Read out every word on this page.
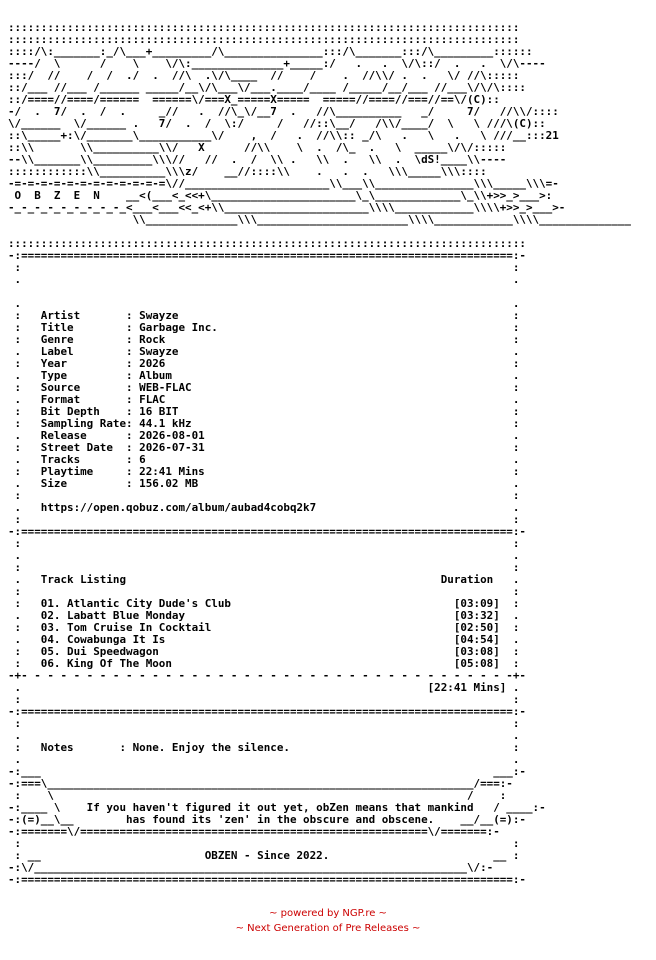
::::::::::::::::::::::::::::::::::::::::::::::::::::::::::::::::::::::::::::::
::::::::::::::::::::::::::::::::::::::::::::::::::::::::::::::::::::::::::::::
::::/\:_______:_/\___+_________/\_______________:::/\_______:::/\_________::::::
----/  \      /    \    \/\:______________+_____:/   .   .  \/\::/  .   .  \/\----
:::/  //    /  /  ./  .  //\  .\/\____  //    /    .  //\\/ .  .   \/ //\:::::
::/___ //___ /______ _____/__\/\___\/___.____/____ /_____/__/___ //___\/\/\::::
::/====//====/======  ======\/===X_=====X=====  =====//====//===//==\/(C)::
-/  .  7/  .  /  .     _//   .  //\_\/__7  .   //\__________   _/     7/   //\\/::::
\/______  \/______ .   7/  .  /  \:/     /   //::\__/   /\\/____/  \   \ ///\(C)::
::\_____+:\/_______\___________\/    ,  /   .  //\\:: _/\   .   \   .   \ ///__:::21
::\\       \\__________\\/   X      //\\    \  .  /\_  .   \  _____\/\/:::::
--\\_______\\_________\\\//   //  .  /  \\ .   \\  .   \\  .  \dS!____\\----
::::::::::::\\__________\\\z/    __//::::\\    .   .  .   \\\_____\\\::::
-=-=-=-=-=-=-=-=-=-=-=-=\//______________________\\___\\_______________\\\_____\\\=-
O  B  Z  E  N    __<(___<_<<+\______________________\_\_____________\_\\+>>_>___>:
-_-_-_-_-_-_-_-_-_<___<___<<_<+\\______________________\\\\____________\\\\+>>_>___>-
\\______________\\\_______________________\\\\____________\\\\______________
:::::::::::::::::::::::::::::::::::::::::::::::::::::::::::::::::::::::::::::::
-:===========================================================================:-
:                                                                           :
.                                                                           .
.                                                                           .
:   Artist       : Swayze                                                   :
:   Title        : Garbage Inc.                                             :
:   Genre        : Rock                                                     :
.   Label        : Swayze                                                   .
:   Year         : 2026                                                     :
.   Type         : Album                                                    .
:   Source       : WEB-FLAC                                                 :
.   Format       : FLAC                                                     .
:   Bit Depth    : 16 BIT                                                   :
:   Sampling Rate: 44.1 kHz                                                 :
.   Release      : 2026-08-01                                               .
:   Street Date  : 2026-07-31                                               :
.   Tracks       : 6                                                        .
:   Playtime     : 22:41 Mins                                               :
.   Size         : 156.02 MB                                                .
:                                                                           :
.   https://open.qobuz.com/album/aubad4cobq2k7                              .
:                                                                           :
-:===========================================================================:-
:                                                                           :
.                                                                           .
:                                                                           :
.   Track Listing                                                Duration   .
:                                                                           :
:   01. Atlantic City Dude's Club                                  [03:09]  :
.   02. Labatt Blue Monday                                         [03:32]  .
:   03. Tom Cruise In Cocktail                                     [02:50]  :
.   04. Cowabunga It Is                                            [04:54]  .
:   05. Dui Speedwagon                                             [03:08]  :
:   06. King Of The Moon                                           [05:08]  :
-+- - - - - - - - - - - - - - - - - - - - - - - - - - - - - - - - - - - - - -+-
.                                                              [22:41 Mins] .
:                                                                           :
-:===========================================================================:-
:                                                                           :
.                                                                           .
:   Notes       : None. Enjoy the silence.                                  :
.                                                                           .
-:___                                                                     ___:-
-:===\_________________________________________________________________/===:-
:    \                                                               /    :
-:____ \    If you haven't figured it out yet, obZen means that mankind   / ____:-
-:(=)__\__        has found its 'zen' in the obscure and obscene.    __/__(=):-
-:=======\/=====================================================\/=======:-
:                                                                           :
: __                         OBZEN - Since 2022.                         __ :
-:\/__________________________________________________________________\/:-
-:===========================================================================:-
~ powered by NGP.re ~
~ Next Generation of Pre Releases ~
